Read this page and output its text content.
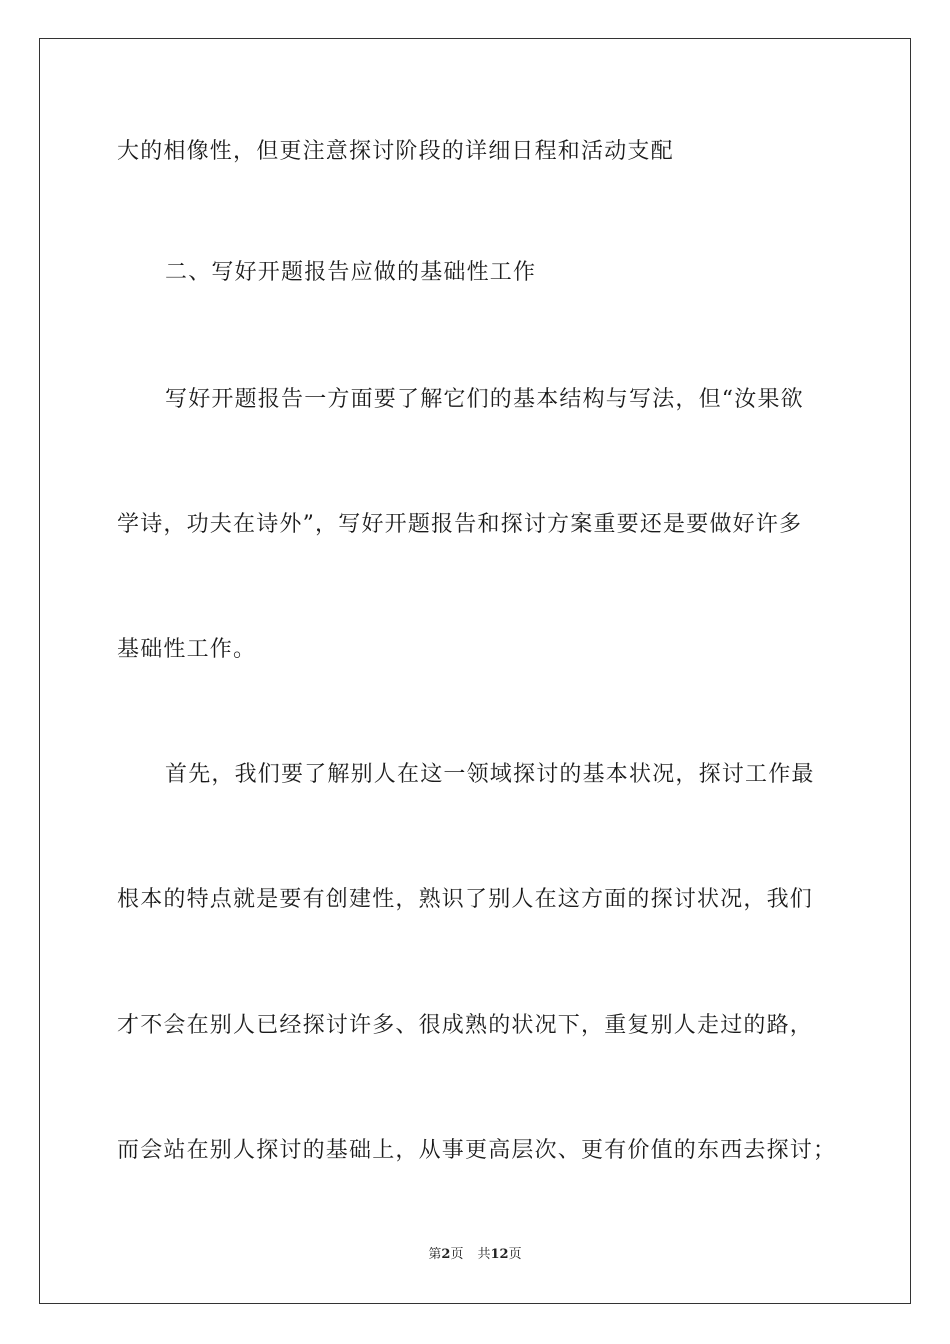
大的相像性，但更注意探讨阶段的详细日程和活动支配
二、写好开题报告应做的基础性工作
写好开题报告一方面要了解它们的基本结构与写法，但“汝果欲
学诗，功夫在诗外”，写好开题报告和探讨方案重要还是要做好许多
基础性工作。
首先，我们要了解别人在这一领域探讨的基本状况，探讨工作最
根本的特点就是要有创建性，熟识了别人在这方面的探讨状况，我们
才不会在别人已经探讨许多、很成熟的状况下，重复别人走过的路，
而会站在别人探讨的基础上，从事更高层次、更有价值的东西去探讨；
第2页 共12页
